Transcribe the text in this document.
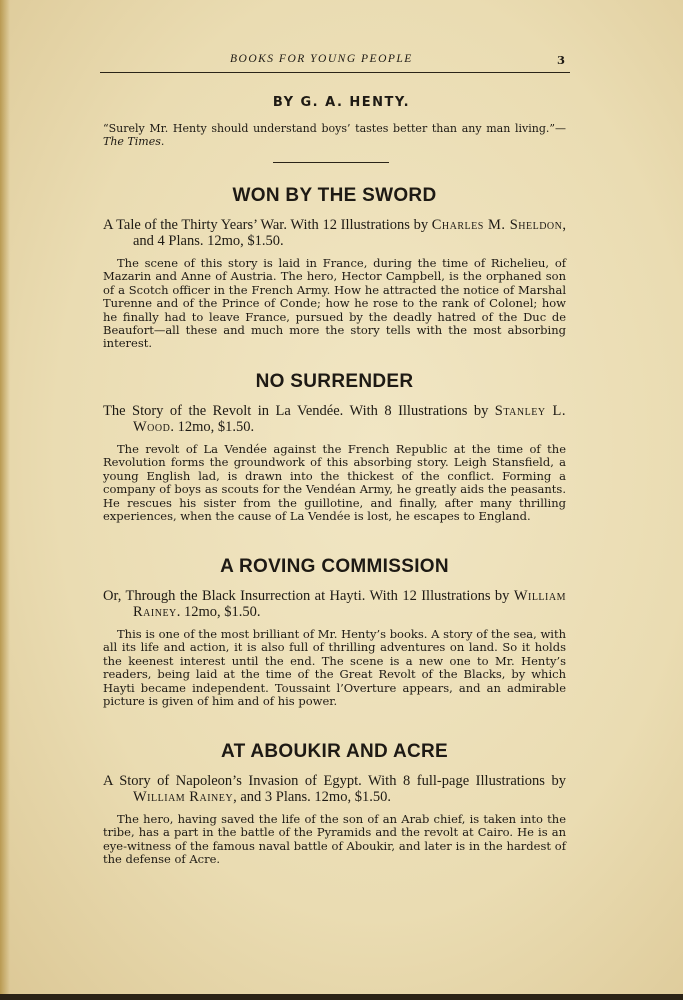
BOOKS FOR YOUNG PEOPLE	3
BY G. A. HENTY.
“Surely Mr. Henty should understand boys’ tastes better than any man living.”—The Times.
WON BY THE SWORD

A Tale of the Thirty Years’ War. With 12 Illustrations by Charles M. Sheldon, and 4 Plans. 12mo, $1.50.

The scene of this story is laid in France, during the time of Richelieu, of Mazarin and Anne of Austria. The hero, Hector Campbell, is the orphaned son of a Scotch officer in the French Army. How he attracted the notice of Marshal Turenne and of the Prince of Conde; how he rose to the rank of Colonel; how he finally had to leave France, pursued by the deadly hatred of the Duc de Beaufort—all these and much more the story tells with the most absorbing interest.

NO SURRENDER

The Story of the Revolt in La Vendée. With 8 Illustrations by Stanley L. Wood. 12mo, $1.50.

The revolt of La Vendée against the French Republic at the time of the Revolution forms the groundwork of this absorbing story. Leigh Stansfield, a young English lad, is drawn into the thickest of the conflict. Forming a company of boys as scouts for the Vendéan Army, he greatly aids the peasants. He rescues his sister from the guillotine, and finally, after many thrilling experiences, when the cause of La Vendée is lost, he escapes to England.

A ROVING COMMISSION

Or, Through the Black Insurrection at Hayti. With 12 Illustrations by William Rainey. 12mo, $1.50.

This is one of the most brilliant of Mr. Henty’s books. A story of the sea, with all its life and action, it is also full of thrilling adventures on land. So it holds the keenest interest until the end. The scene is a new one to Mr. Henty’s readers, being laid at the time of the Great Revolt of the Blacks, by which Hayti became independent. Toussaint l’Overture appears, and an admirable picture is given of him and of his power.

AT ABOUKIR AND ACRE

A Story of Napoleon’s Invasion of Egypt. With 8 full-page Illustrations by William Rainey, and 3 Plans. 12mo, $1.50.

The hero, having saved the life of the son of an Arab chief, is taken into the tribe, has a part in the battle of the Pyramids and the revolt at Cairo. He is an eye-witness of the famous naval battle of Aboukir, and later is in the hardest of the defense of Acre.
